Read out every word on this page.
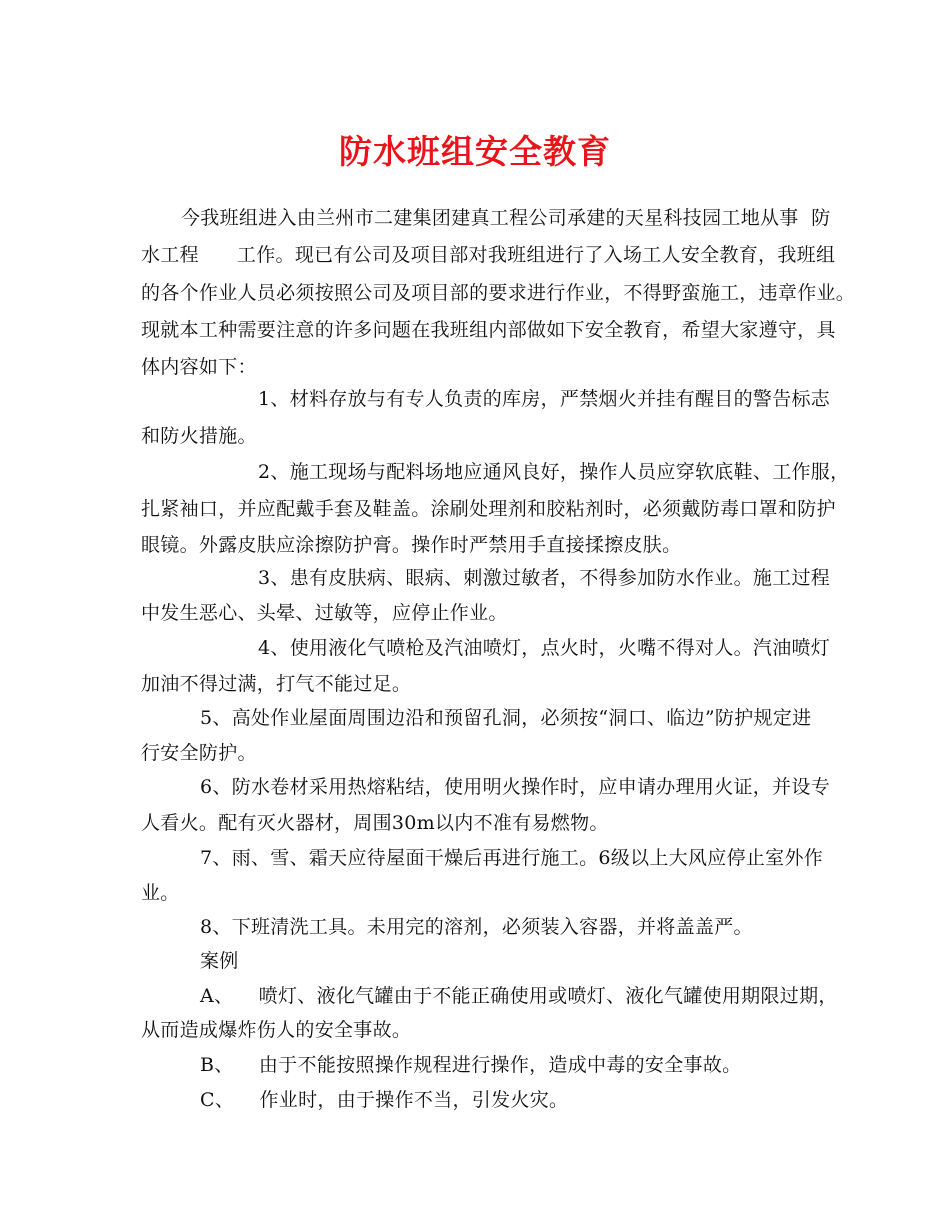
防水班组安全教育
今我班组进入由兰州市二建集团建真工程公司承建的天星科技园工地从事  防
水工程      工作。现已有公司及项目部对我班组进行了入场工人安全教育，我班组
的各个作业人员必须按照公司及项目部的要求进行作业，不得野蛮施工，违章作业。
现就本工种需要注意的许多问题在我班组内部做如下安全教育，希望大家遵守，具
体内容如下：
1、材料存放与有专人负责的库房，严禁烟火并挂有醒目的警告标志
和防火措施。
2、施工现场与配料场地应通风良好，操作人员应穿软底鞋、工作服，
扎紧袖口，并应配戴手套及鞋盖。涂刷处理剂和胶粘剂时，必须戴防毒口罩和防护
眼镜。外露皮肤应涂擦防护膏。操作时严禁用手直接揉擦皮肤。
3、患有皮肤病、眼病、刺激过敏者，不得参加防水作业。施工过程
中发生恶心、头晕、过敏等，应停止作业。
4、使用液化气喷枪及汽油喷灯，点火时，火嘴不得对人。汽油喷灯
加油不得过满，打气不能过足。
5、高处作业屋面周围边沿和预留孔洞，必须按“洞口、临边”防护规定进
行安全防护。
6、防水卷材采用热熔粘结，使用明火操作时，应申请办理用火证，并设专
人看火。配有灭火器材，周围30m以内不准有易燃物。
7、雨、雪、霜天应待屋面干燥后再进行施工。6级以上大风应停止室外作
业。
8、下班清洗工具。未用完的溶剂，必须装入容器，并将盖盖严。
案例
A、    喷灯、液化气罐由于不能正确使用或喷灯、液化气罐使用期限过期，
从而造成爆炸伤人的安全事故。
B、    由于不能按照操作规程进行操作，造成中毒的安全事故。
C、    作业时，由于操作不当，引发火灾。
